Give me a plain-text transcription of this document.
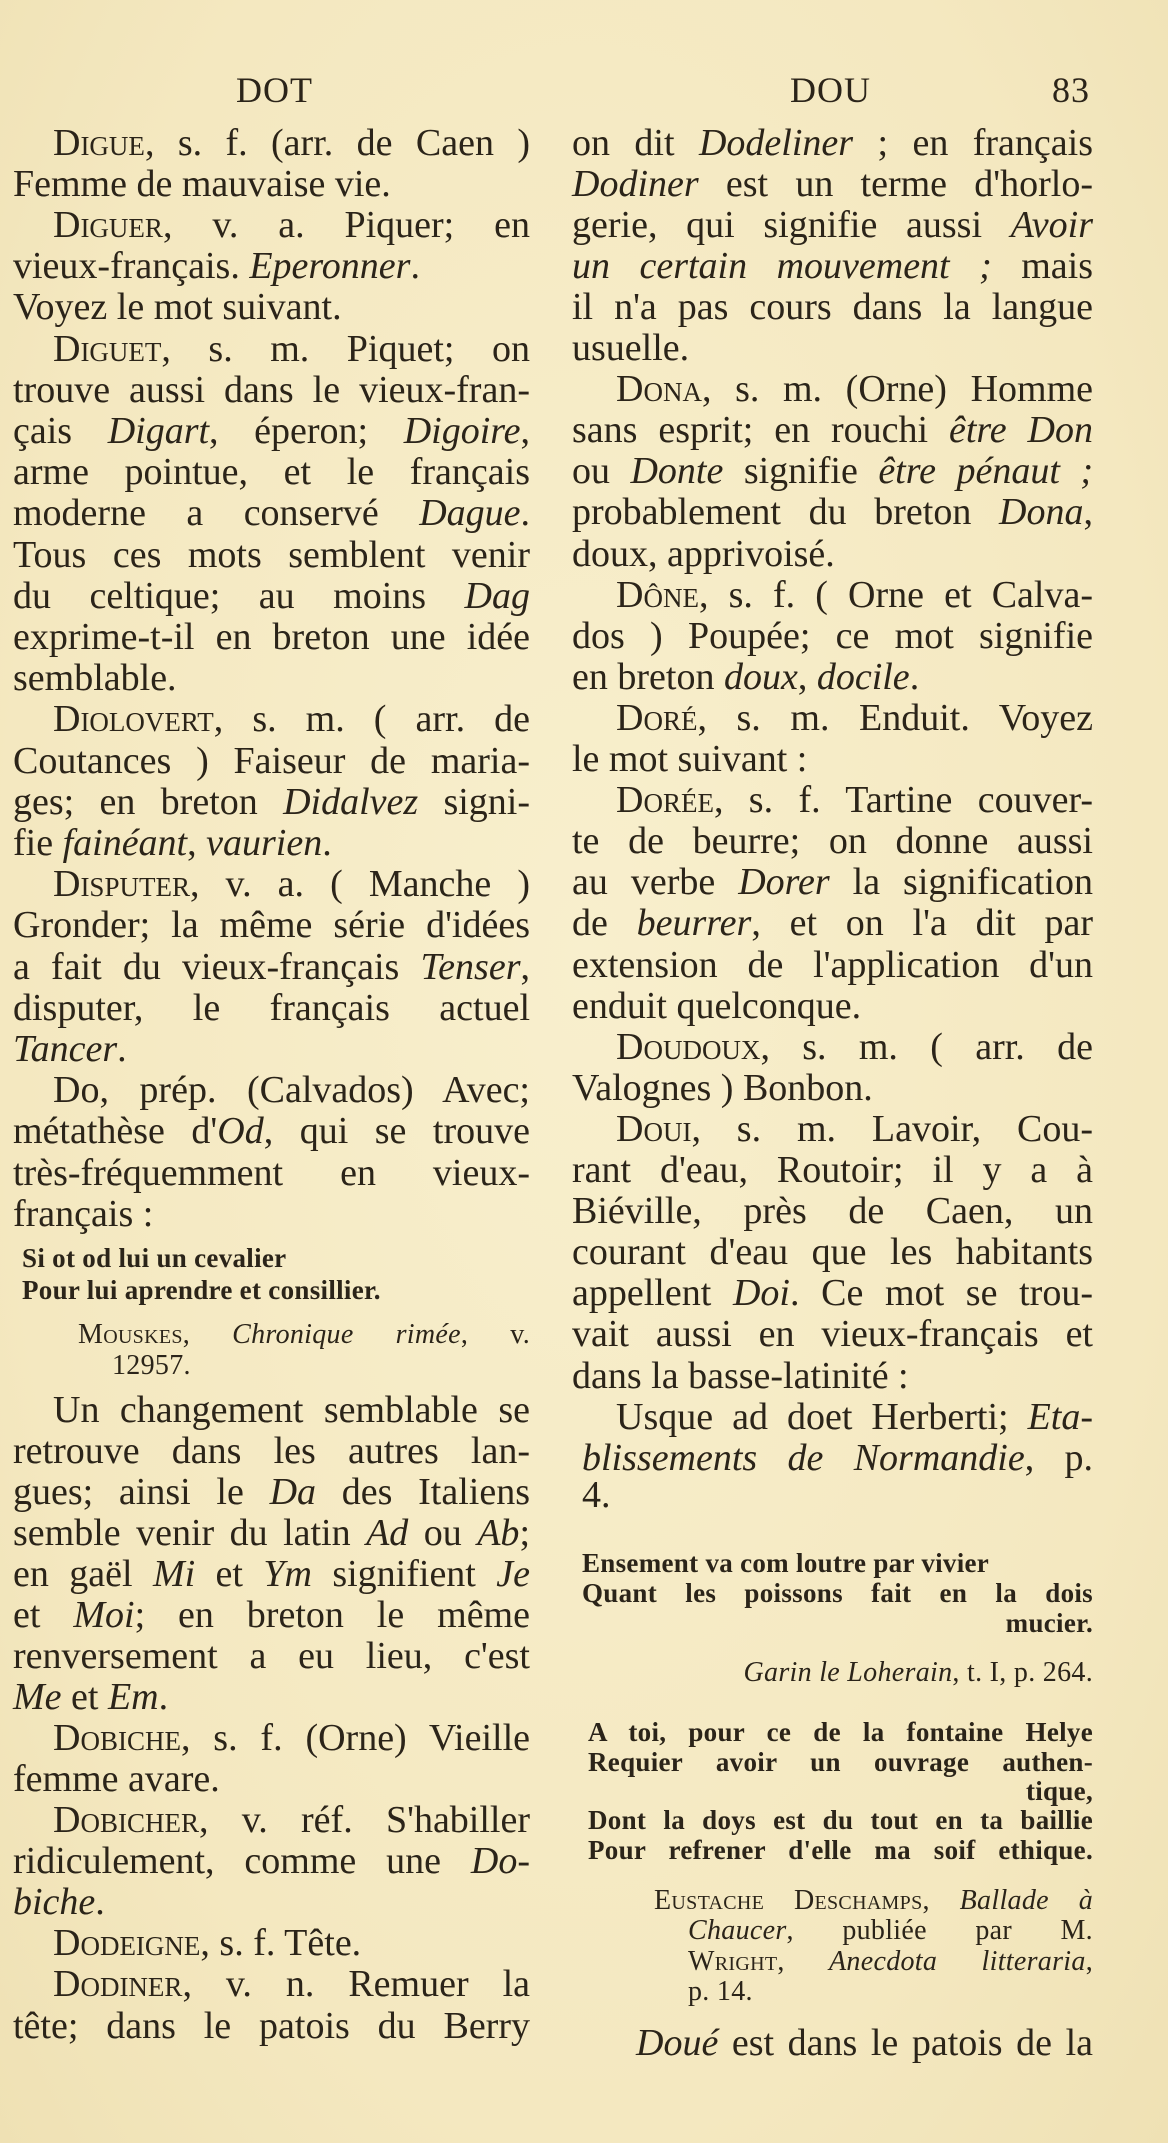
DOT	DOU	83
Digue, s. f. (arr. de Caen )
Femme de mauvaise vie.
Diguer, v. a. Piquer; en
vieux-français. Eperonner.
Voyez le mot suivant.
Diguet, s. m. Piquet; on
trouve aussi dans le vieux-fran-
çais Digart, éperon; Digoire,
arme pointue, et le français
moderne a conservé Dague.
Tous ces mots semblent venir
du celtique; au moins Dag
exprime-t-il en breton une idée
semblable.
Diolovert, s. m. ( arr. de
Coutances ) Faiseur de maria-
ges; en breton Didalvez signi-
fie fainéant, vaurien.
Disputer, v. a. ( Manche )
Gronder; la même série d'idées
a fait du vieux-français Tenser,
disputer, le français actuel
Tancer.
Do, prép. (Calvados) Avec;
métathèse d'Od, qui se trouve
très-fréquemment en vieux-
français :
Si ot od lui un cevalier
Pour lui aprendre et consillier.
Mouskes, Chronique rimée, v.
12957.
Un changement semblable se
retrouve dans les autres lan-
gues; ainsi le Da des Italiens
semble venir du latin Ad ou Ab;
en gaël Mi et Ym signifient Je
et Moi; en breton le même
renversement a eu lieu, c'est
Me et Em.
Dobiche, s. f. (Orne) Vieille
femme avare.
Dobicher, v. réf. S'habiller
ridiculement, comme une Do-
biche.
Dodeigne, s. f. Tête.
Dodiner, v. n. Remuer la
tête; dans le patois du Berry
on dit Dodeliner ; en français
Dodiner est un terme d'horlo-
gerie, qui signifie aussi Avoir
un certain mouvement ; mais
il n'a pas cours dans la langue
usuelle.
Dona, s. m. (Orne) Homme
sans esprit; en rouchi être Don
ou Donte signifie être pénaut ;
probablement du breton Dona,
doux, apprivoisé.
Dône, s. f. ( Orne et Calva-
dos ) Poupée; ce mot signifie
en breton doux, docile.
Doré, s. m. Enduit. Voyez
le mot suivant :
Dorée, s. f. Tartine couver-
te de beurre; on donne aussi
au verbe Dorer la signification
de beurrer, et on l'a dit par
extension de l'application d'un
enduit quelconque.
Doudoux, s. m. ( arr. de
Valognes ) Bonbon.
Doui, s. m. Lavoir, Cou-
rant d'eau, Routoir; il y a à
Biéville, près de Caen, un
courant d'eau que les habitants
appellent Doi. Ce mot se trou-
vait aussi en vieux-français et
dans la basse-latinité :
Usque ad doet Herberti; Eta-
blissements de Normandie, p.
4.
Ensement va com loutre par vivier
Quant les poissons fait en la dois
mucier.
Garin le Loherain, t. I, p. 264.
A toi, pour ce de la fontaine Helye
Requier avoir un ouvrage authen-
tique,
Dont la doys est du tout en ta baillie
Pour refrener d'elle ma soif ethique.
Eustache Deschamps, Ballade à
Chaucer, publiée par M.
Wright, Anecdota litteraria,
p. 14.
Doué est dans le patois de la
